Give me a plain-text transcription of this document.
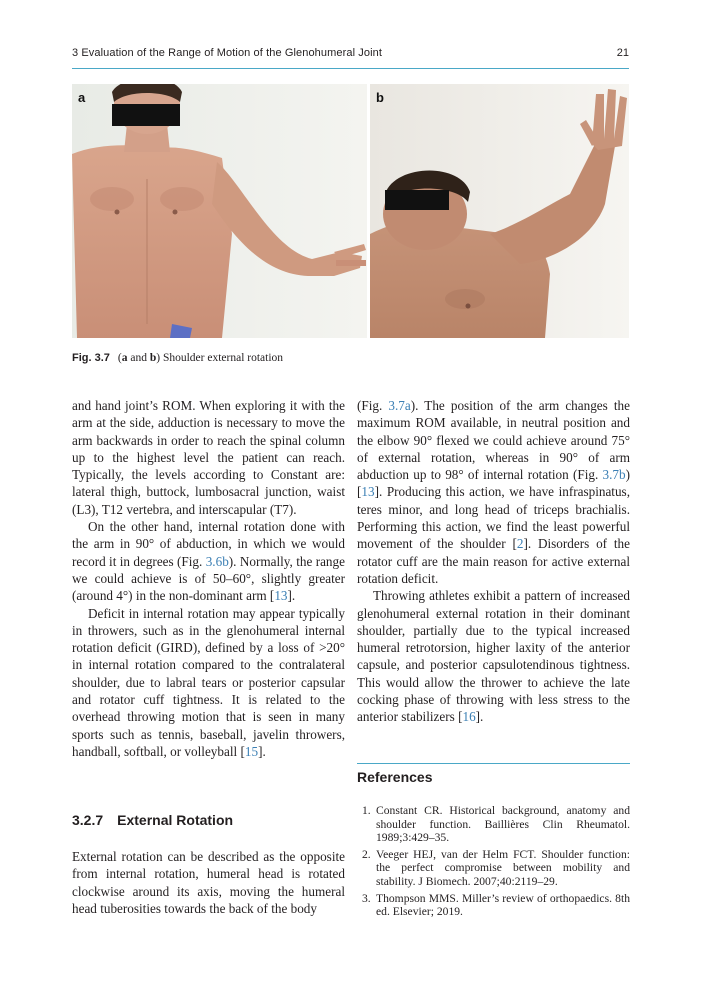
3 Evaluation of the Range of Motion of the Glenohumeral Joint	21
a	b
Fig. 3.7 (a and b) Shoulder external rotation

and hand joint’s ROM. When exploring it with the arm at the side, adduction is necessary to move the arm backwards in order to reach the spinal column up to the highest level the patient can reach. Typically, the levels according to Constant are: lateral thigh, buttock, lumbosacral junction, waist (L3), T12 vertebra, and interscapular (T7).

On the other hand, internal rotation done with the arm in 90° of abduction, in which we would record it in degrees (Fig. 3.6b). Normally, the range we could achieve is of 50–60°, slightly greater (around 4°) in the non-dominant arm [13].

Deficit in internal rotation may appear typically in throwers, such as in the glenohumeral internal rotation deficit (GIRD), defined by a loss of >20° in internal rotation compared to the contralateral shoulder, due to labral tears or posterior capsular and rotator cuff tightness. It is related to the overhead throwing motion that is seen in many sports such as tennis, baseball, javelin throwers, handball, softball, or volleyball [15].

3.2.7 External Rotation

External rotation can be described as the opposite from internal rotation, humeral head is rotated clockwise around its axis, moving the humeral head tuberosities towards the back of the body

(Fig. 3.7a). The position of the arm changes the maximum ROM available, in neutral position and the elbow 90° flexed we could achieve around 75° of external rotation, whereas in 90° of arm abduction up to 98° of internal rotation (Fig. 3.7b) [13]. Producing this action, we have infraspinatus, teres minor, and long head of triceps brachialis. Performing this action, we find the least powerful movement of the shoulder [2]. Disorders of the rotator cuff are the main reason for active external rotation deficit.

Throwing athletes exhibit a pattern of increased glenohumeral external rotation in their dominant shoulder, partially due to the typical increased humeral retrotorsion, higher laxity of the anterior capsule, and posterior capsulotendinous tightness. This would allow the thrower to achieve the late cocking phase of throwing with less stress to the anterior stabilizers [16].

References
1. Constant CR. Historical background, anatomy and shoulder function. Baillières Clin Rheumatol. 1989;3:429–35.
2. Veeger HEJ, van der Helm FCT. Shoulder function: the perfect compromise between mobility and stability. J Biomech. 2007;40:2119–29.
3. Thompson MMS. Miller’s review of orthopaedics. 8th ed. Elsevier; 2019.
